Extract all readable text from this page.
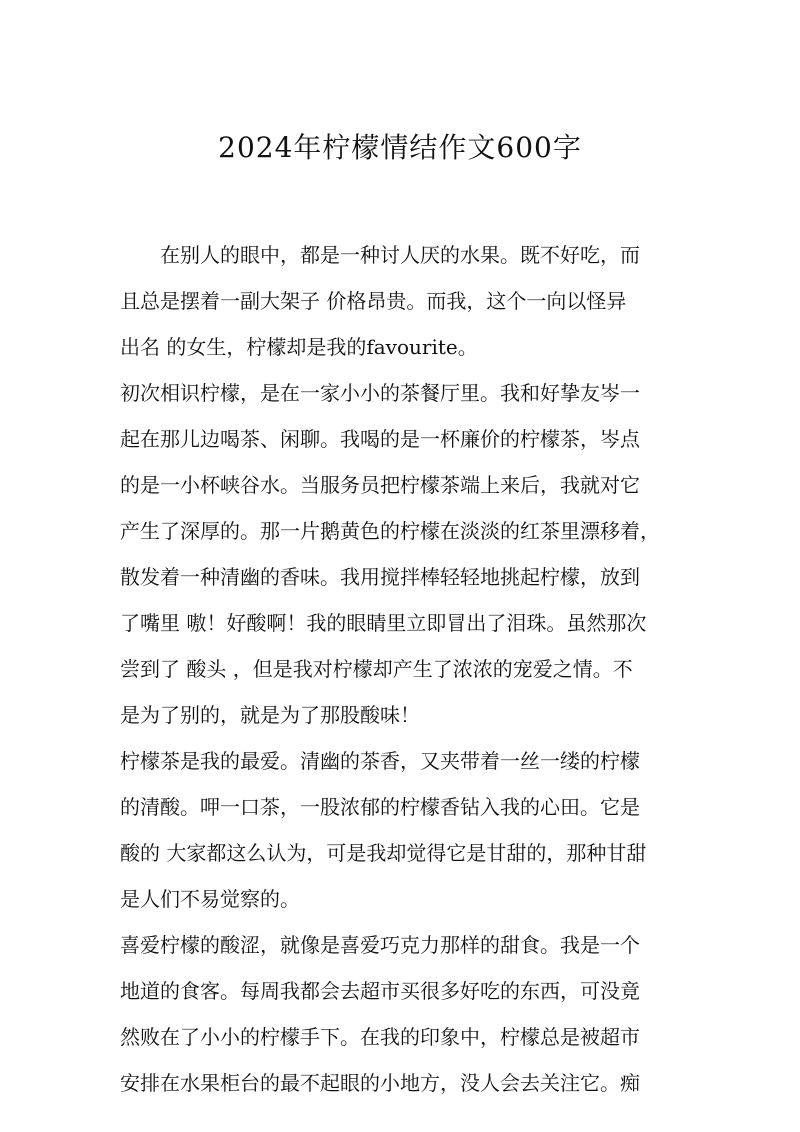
2024年柠檬情结作文600字
　　在别人的眼中，都是一种讨人厌的水果。既不好吃，而
且总是摆着一副大架子 价格昂贵。而我，这个一向以怪异
出名 的女生，柠檬却是我的favourite。
初次相识柠檬，是在一家小小的茶餐厅里。我和好挚友岑一
起在那儿边喝茶、闲聊。我喝的是一杯廉价的柠檬茶，岑点
的是一小杯峡谷水。当服务员把柠檬茶端上来后，我就对它
产生了深厚的。那一片鹅黄色的柠檬在淡淡的红茶里漂移着，
散发着一种清幽的香味。我用搅拌棒轻轻地挑起柠檬，放到
了嘴里 嗷！好酸啊！我的眼睛里立即冒出了泪珠。虽然那次
尝到了 酸头 ，但是我对柠檬却产生了浓浓的宠爱之情。不
是为了别的，就是为了那股酸味！
柠檬茶是我的最爱。清幽的茶香，又夹带着一丝一缕的柠檬
的清酸。呷一口茶，一股浓郁的柠檬香钻入我的心田。它是
酸的 大家都这么认为，可是我却觉得它是甘甜的，那种甘甜
是人们不易觉察的。
喜爱柠檬的酸涩，就像是喜爱巧克力那样的甜食。我是一个
地道的食客。每周我都会去超市买很多好吃的东西，可没竟
然败在了小小的柠檬手下。在我的印象中，柠檬总是被超市
安排在水果柜台的最不起眼的小地方，没人会去关注它。痴
